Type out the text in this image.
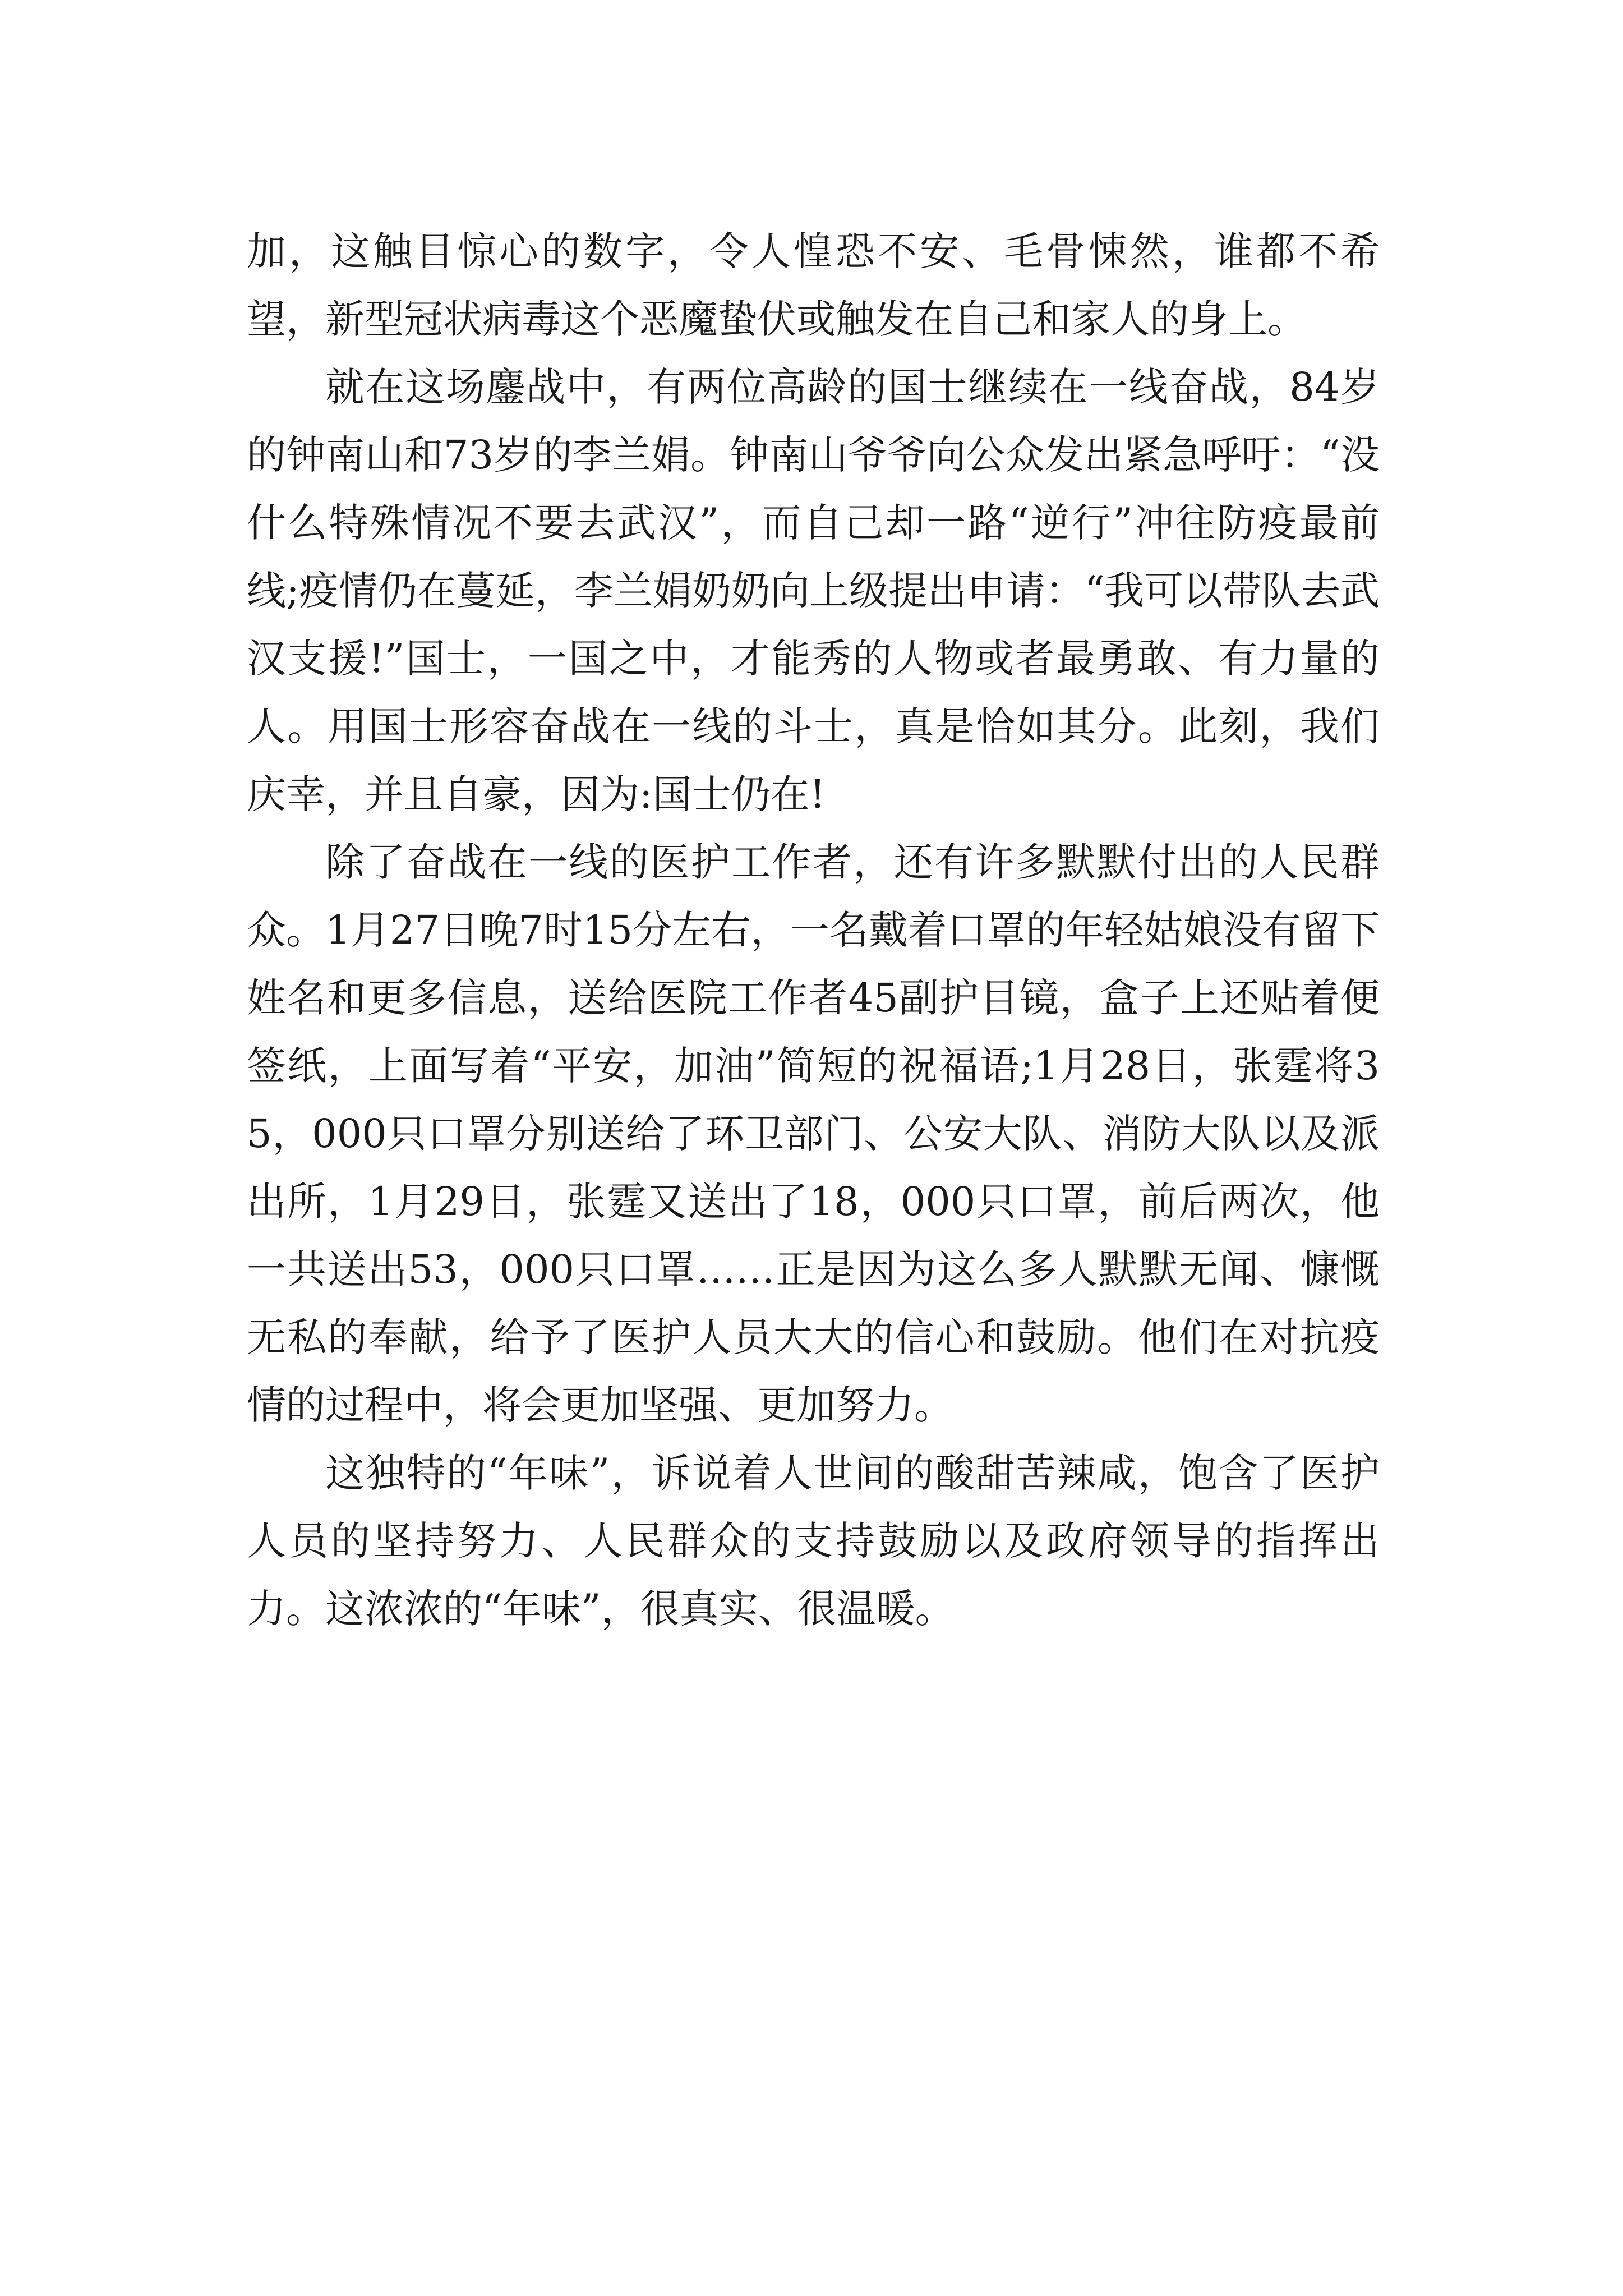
加，这触目惊心的数字，令人惶恐不安、毛骨悚然，谁都不希望，新型冠状病毒这个恶魔蛰伏或触发在自己和家人的身上。

就在这场鏖战中，有两位高龄的国士继续在一线奋战，84岁的钟南山和73岁的李兰娟。钟南山爷爷向公众发出紧急呼吁：“没什么特殊情况不要去武汉”，而自己却一路“逆行”冲往防疫最前线;疫情仍在蔓延，李兰娟奶奶向上级提出申请：“我可以带队去武汉支援!”国士，一国之中，才能秀的人物或者最勇敢、有力量的人。用国士形容奋战在一线的斗士，真是恰如其分。此刻，我们庆幸，并且自豪，因为:国士仍在!

除了奋战在一线的医护工作者，还有许多默默付出的人民群众。1月27日晚7时15分左右，一名戴着口罩的年轻姑娘没有留下姓名和更多信息，送给医院工作者45副护目镜，盒子上还贴着便签纸，上面写着“平安，加油”简短的祝福语;1月28日，张霆将35，000只口罩分别送给了环卫部门、公安大队、消防大队以及派出所，1月29日，张霆又送出了18，000只口罩，前后两次，他一共送出53，000只口罩……正是因为这么多人默默无闻、慷慨无私的奉献，给予了医护人员大大的信心和鼓励。他们在对抗疫情的过程中，将会更加坚强、更加努力。

这独特的“年味”，诉说着人世间的酸甜苦辣咸，饱含了医护人员的坚持努力、人民群众的支持鼓励以及政府领导的指挥出力。这浓浓的“年味”，很真实、很温暖。
